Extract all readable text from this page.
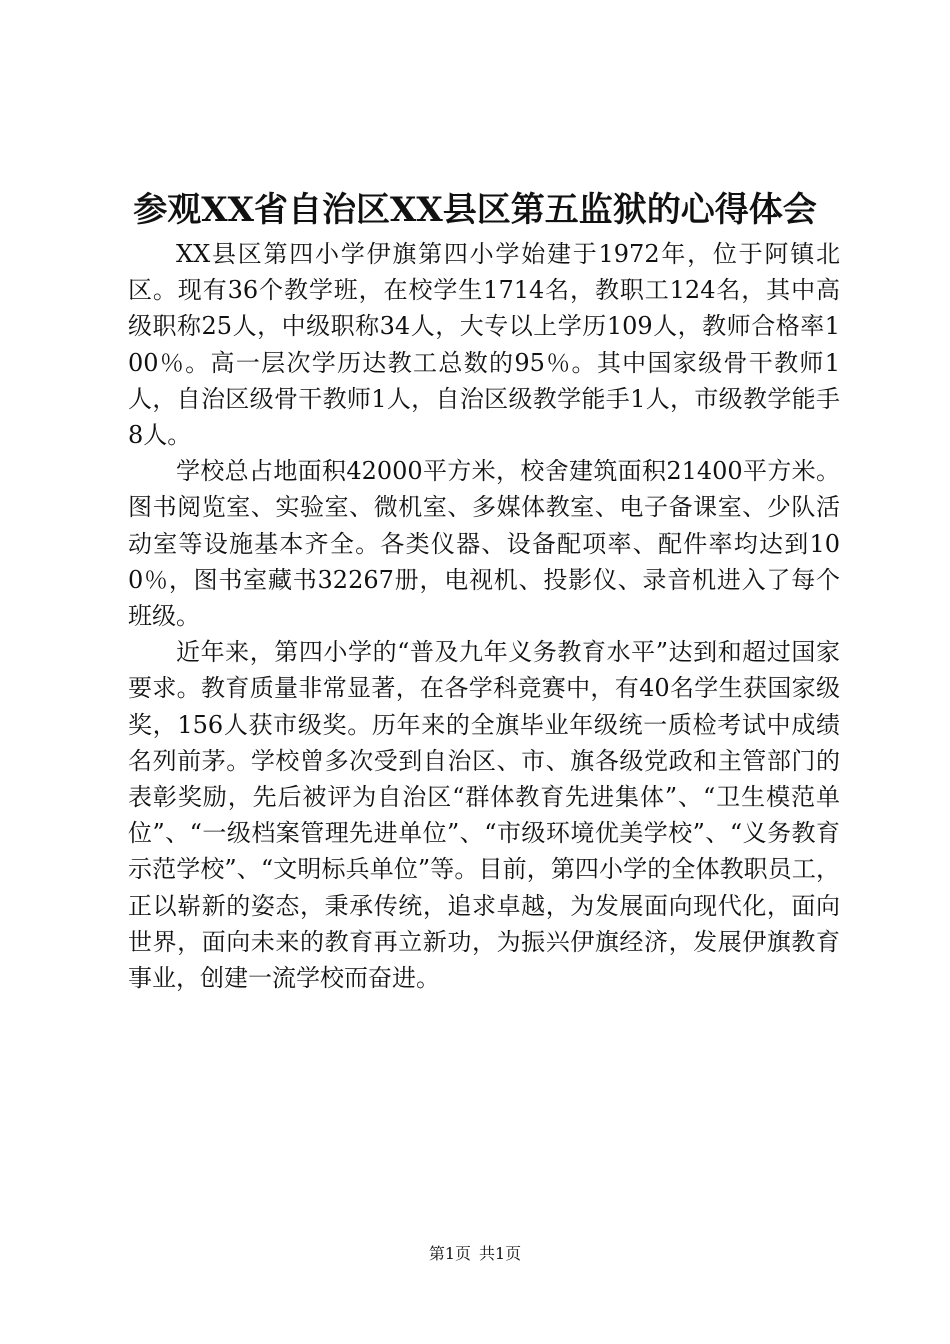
参观XX省自治区XX县区第五监狱的心得体会

XX县区第四小学伊旗第四小学始建于1972年，位于阿镇北区。现有36个教学班，在校学生1714名，教职工124名，其中高级职称25人，中级职称34人，大专以上学历109人，教师合格率100％。高一层次学历达教工总数的95％。其中国家级骨干教师1人，自治区级骨干教师1人，自治区级教学能手1人，市级教学能手8人。

学校总占地面积42000平方米，校舍建筑面积21400平方米。图书阅览室、实验室、微机室、多媒体教室、电子备课室、少队活动室等设施基本齐全。各类仪器、设备配项率、配件率均达到100％，图书室藏书32267册，电视机、投影仪、录音机进入了每个班级。

近年来，第四小学的“普及九年义务教育水平”达到和超过国家要求。教育质量非常显著，在各学科竞赛中，有40名学生获国家级奖，156人获市级奖。历年来的全旗毕业年级统一质检考试中成绩名列前茅。学校曾多次受到自治区、市、旗各级党政和主管部门的表彰奖励，先后被评为自治区“群体教育先进集体”、“卫生模范单位”、“一级档案管理先进单位”、“市级环境优美学校”、“义务教育示范学校”、“文明标兵单位”等。目前，第四小学的全体教职员工，正以崭新的姿态，秉承传统，追求卓越，为发展面向现代化，面向世界，面向未来的教育再立新功，为振兴伊旗经济，发展伊旗教育事业，创建一流学校而奋进。

第1页 共1页
